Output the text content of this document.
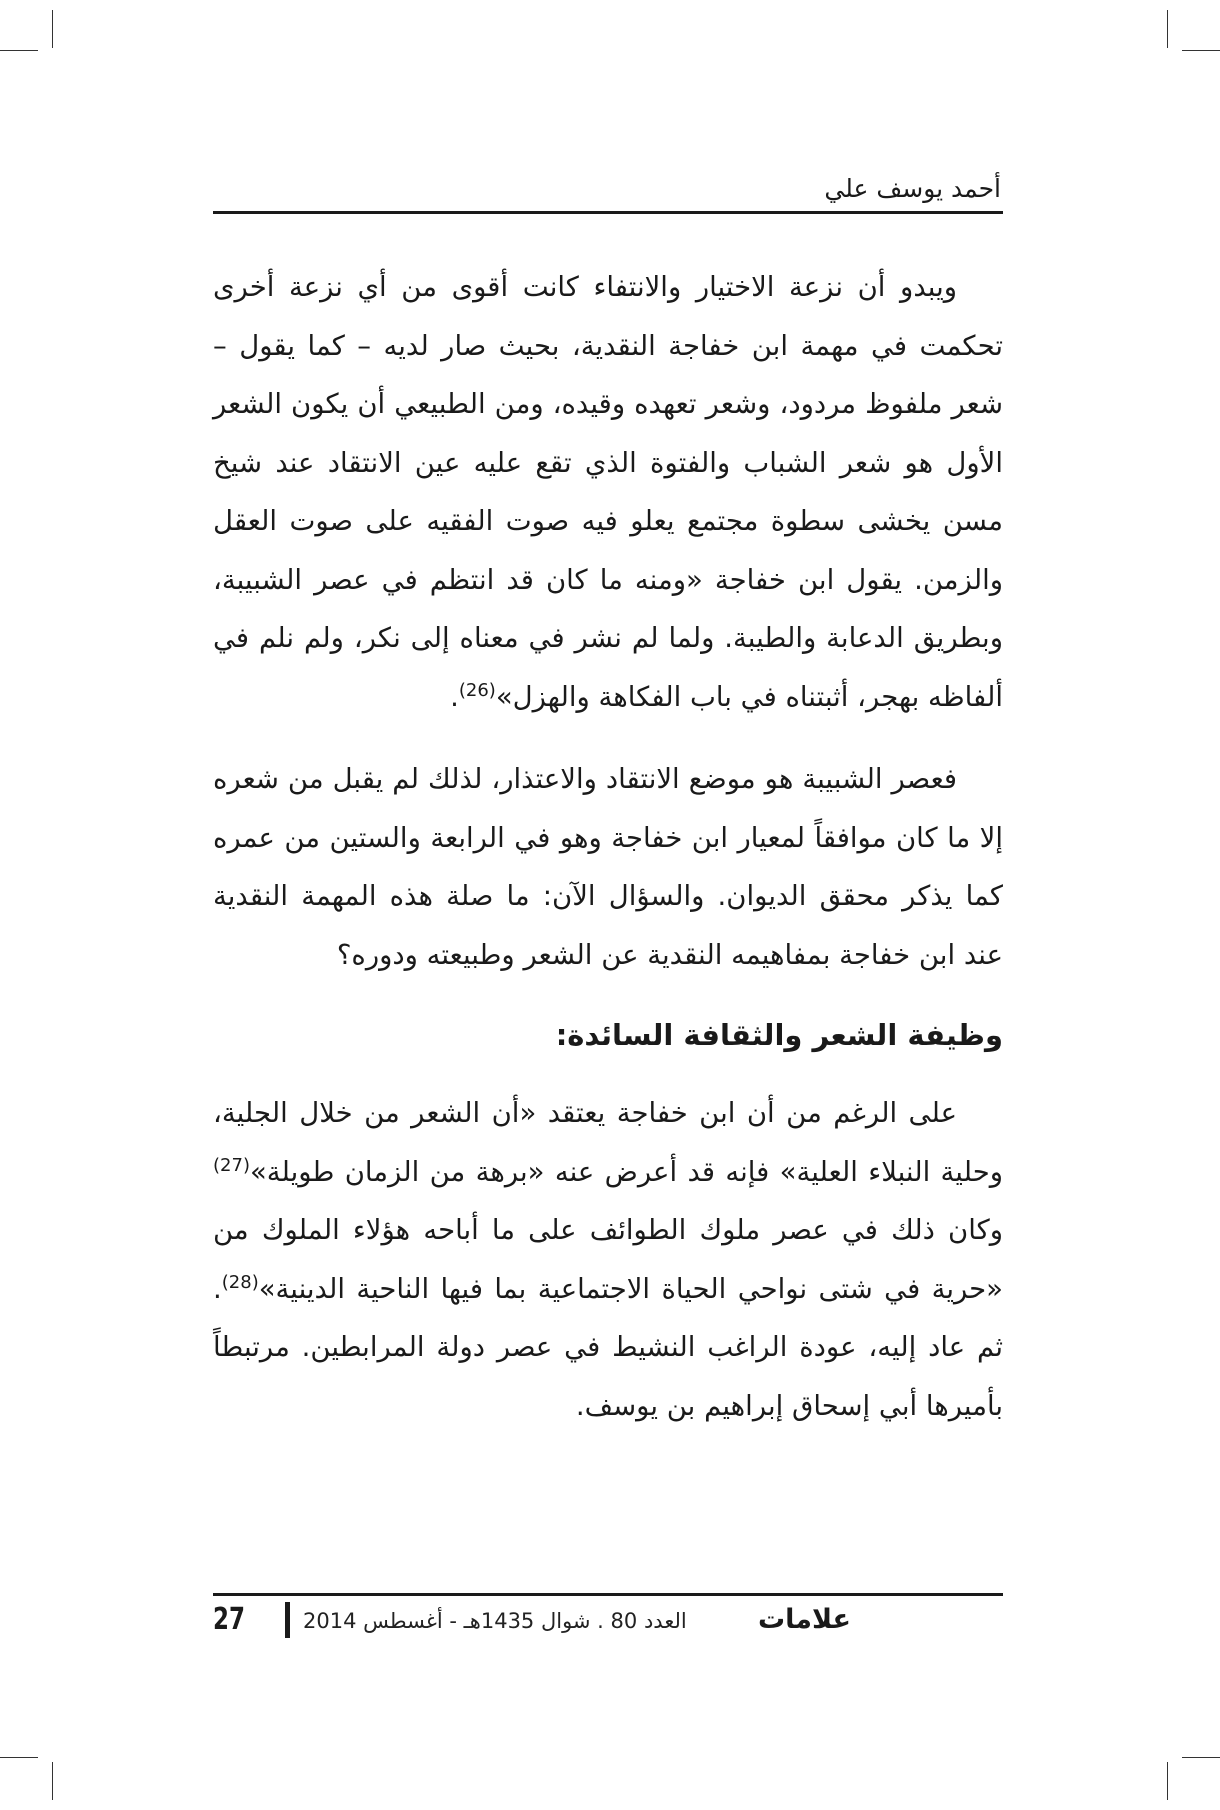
أحمد يوسف علي

ويبدو أن نزعة الاختيار والانتفاء كانت أقوى من أي نزعة أخرى تحكمت في مهمة ابن خفاجة النقدية، بحيث صار لديه – كما يقول – شعر ملفوظ مردود، وشعر تعهده وقيده، ومن الطبيعي أن يكون الشعر الأول هو شعر الشباب والفتوة الذي تقع عليه عين الانتقاد عند شيخ مسن يخشى سطوة مجتمع يعلو فيه صوت الفقيه على صوت العقل والزمن. يقول ابن خفاجة «ومنه ما كان قد انتظم في عصر الشبيبة، وبطريق الدعابة والطيبة. ولما لم نشر في معناه إلى نكر، ولم نلم في ألفاظه بهجر، أثبتناه في باب الفكاهة والهزل»$^{(26)}$.

فعصر الشبيبة هو موضع الانتقاد والاعتذار، لذلك لم يقبل من شعره إلا ما كان موافقاً لمعيار ابن خفاجة وهو في الرابعة والستين من عمره كما يذكر محقق الديوان. والسؤال الآن: ما صلة هذه المهمة النقدية عند ابن خفاجة بمفاهيمه النقدية عن الشعر وطبيعته ودوره؟

وظيفة الشعر والثقافة السائدة:

على الرغم من أن ابن خفاجة يعتقد «أن الشعر من خلال الجلية، وحلية النبلاء العلية» فإنه قد أعرض عنه «برهة من الزمان طويلة»$^{(27)}$ وكان ذلك في عصر ملوك الطوائف على ما أباحه هؤلاء الملوك من «حرية في شتى نواحي الحياة الاجتماعية بما فيها الناحية الدينية»$^{(28)}$. ثم عاد إليه، عودة الراغب النشيط في عصر دولة المرابطين. مرتبطاً بأميرها أبي إسحاق إبراهيم بن يوسف.

27	العدد 80 . شوال 1435هـ - أغسطس 2014	علامات
